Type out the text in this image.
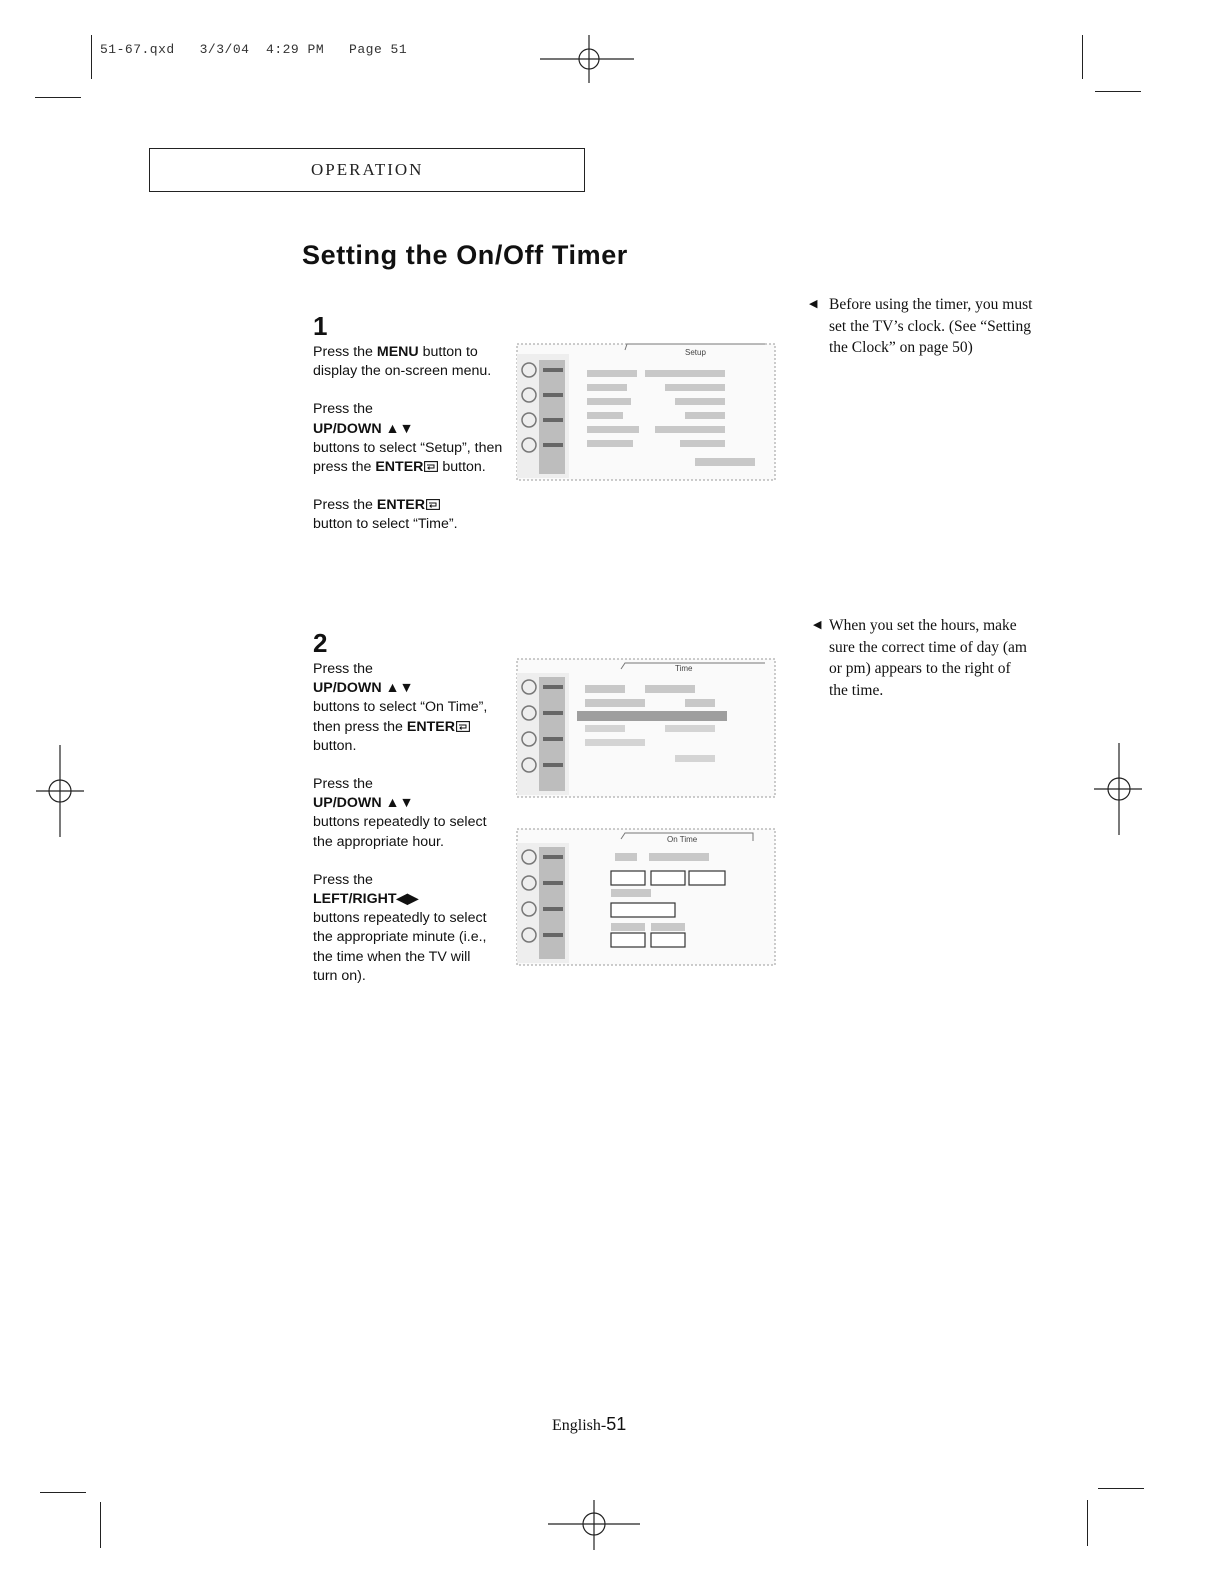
51-67.qxd   3/3/04  4:29 PM   Page 51
OPERATION
Setting the On/Off Timer
1

Press the MENU button to display the on-screen menu.

Press the
UP/DOWN ▲▼
buttons to select “Setup”, then press the ENTER button.

Press the ENTER
button to select “Time”.

Setup
2

Press the
UP/DOWN ▲▼
buttons to select “On Time”, then press the ENTER button.

Press the
UP/DOWN ▲▼
buttons repeatedly to select the appropriate hour.

Press the
LEFT/RIGHT◀▶
buttons repeatedly to select the appropriate minute (i.e., the time when the TV will turn on).

Time
On Time
◀ Before using the timer, you must set the TV’s clock. (See “Setting the Clock” on page 50)
◀ When you set the hours, make sure the correct time of day (am or pm) appears to the right of the time.
English-51
